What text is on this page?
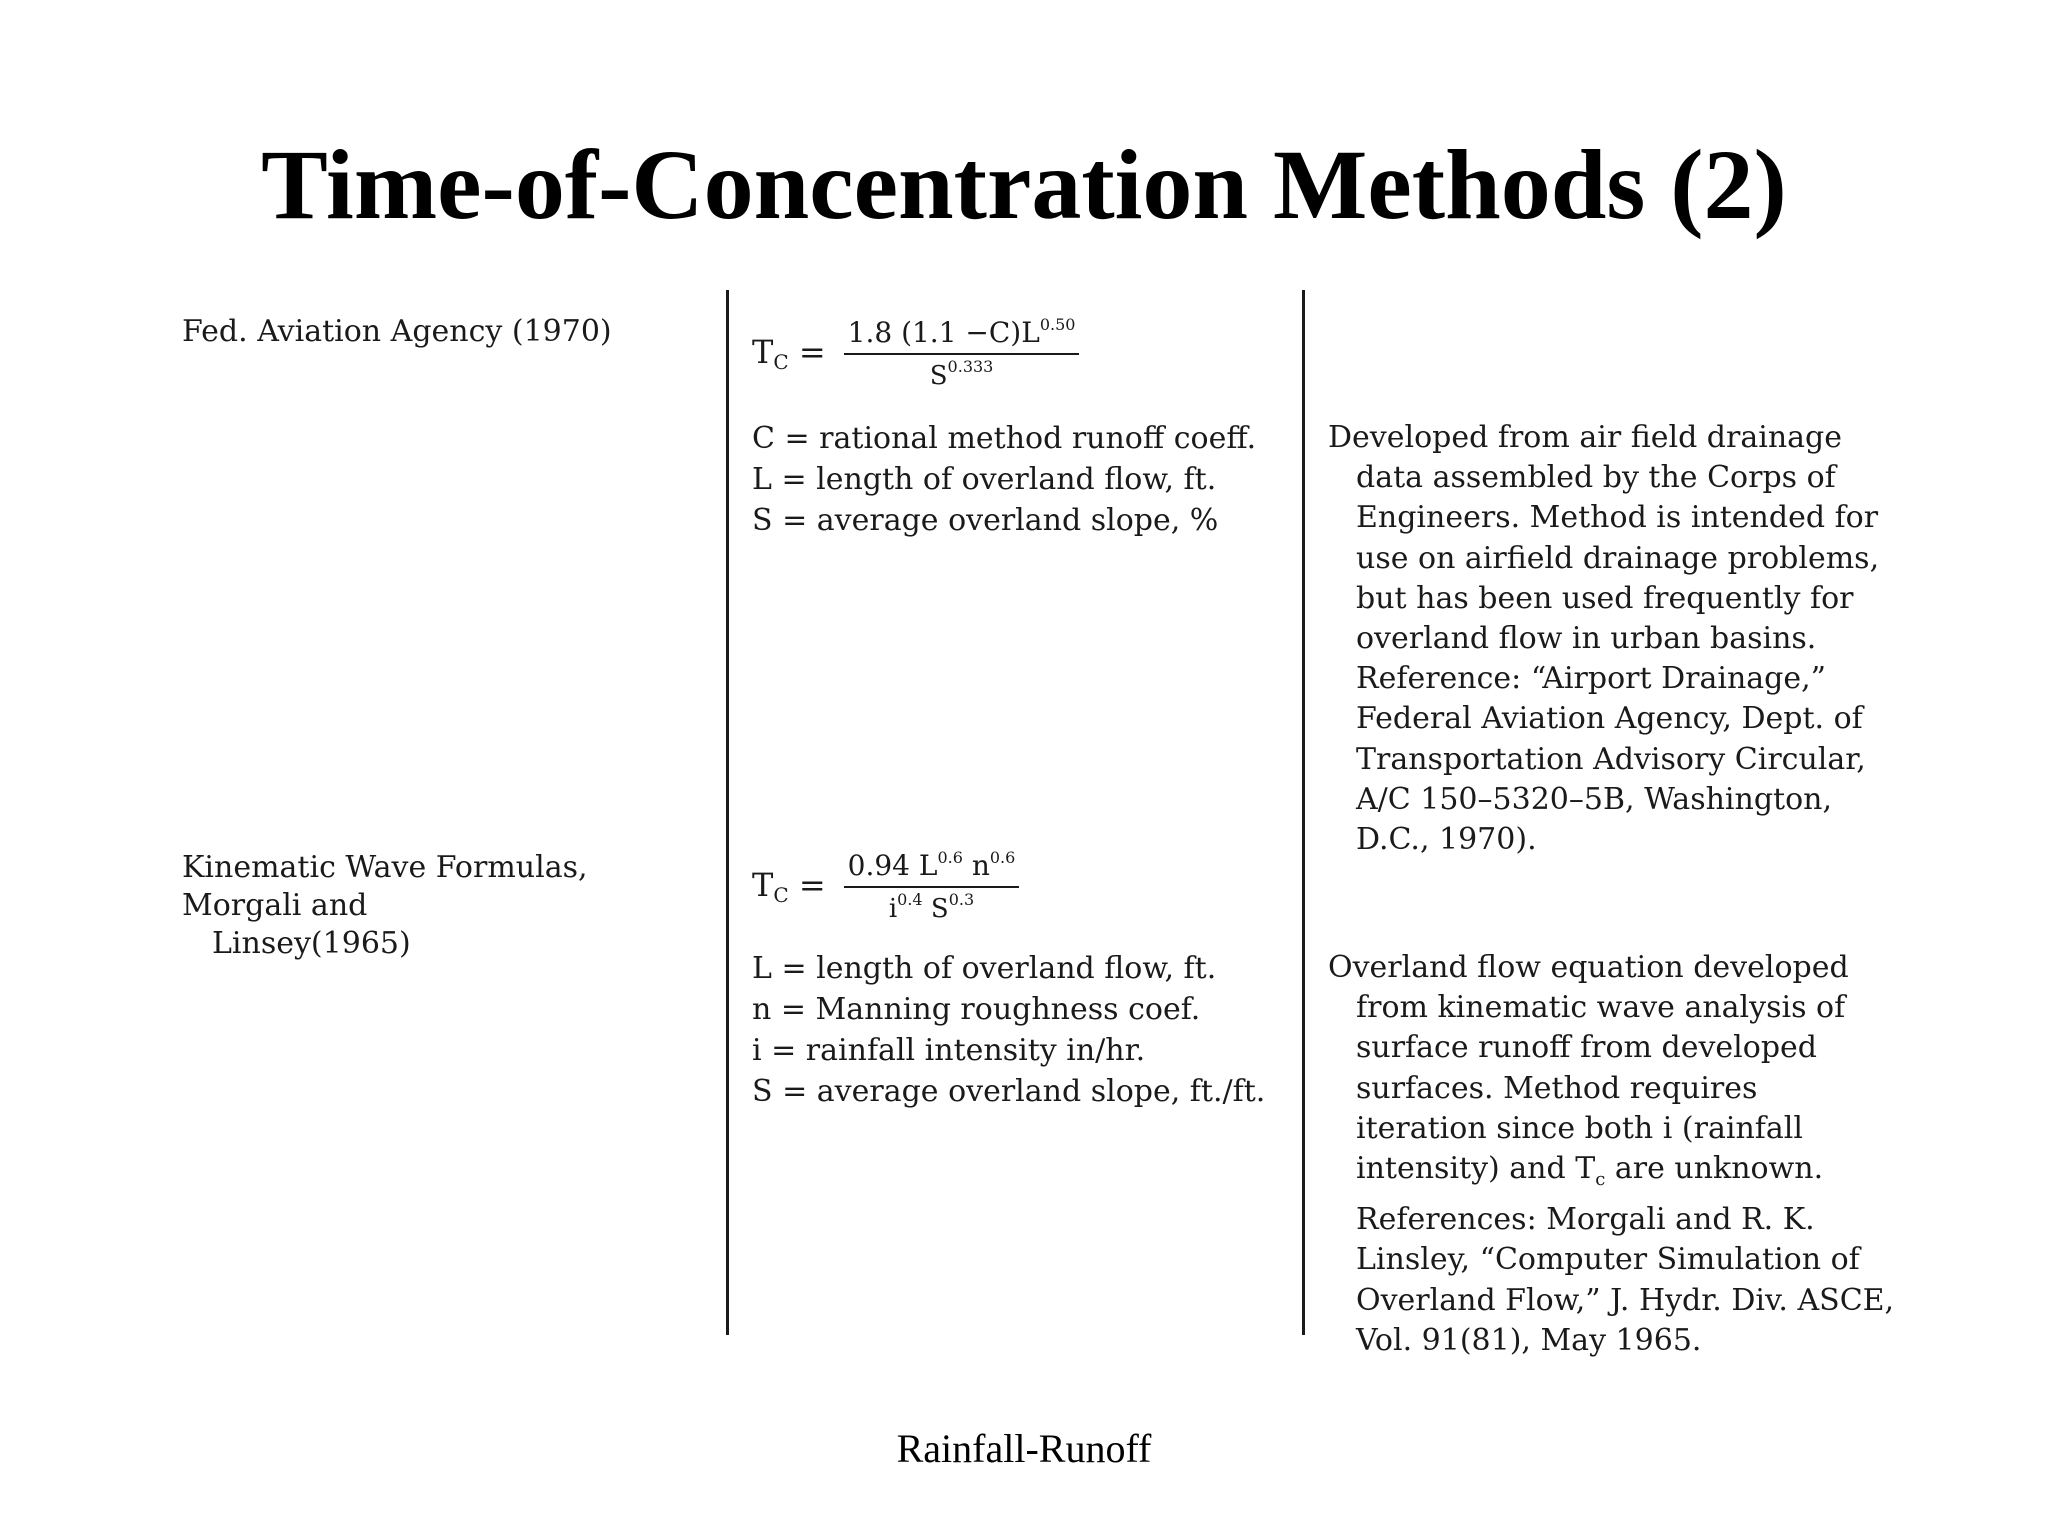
Time-of-Concentration Methods (2)
Fed. Aviation Agency (1970)
$T_C = \frac{1.8 (1.1 -C)L^{0.50}}{S^{0.333}}$
C = rational method runoff coeff.
L = length of overland flow, ft.
S = average overland slope, %

Developed from air field drainage data assembled by the Corps of Engineers. Method is intended for use on airfield drainage problems, but has been used frequently for overland flow in urban basins. Reference: “Airport Drainage,” Federal Aviation Agency, Dept. of Transportation Advisory Circular, A/C 150–5320–5B, Washington, D.C., 1970).

Kinematic Wave Formulas, Morgali and
Linsey(1965)
$T_C = \frac{0.94 L^{0.6} n^{0.6}}{i^{0.4} S^{0.3}}$
L = length of overland flow, ft.
n = Manning roughness coef.
i = rainfall intensity in/hr.
S = average overland slope, ft./ft.

Overland flow equation developed from kinematic wave analysis of surface runoff from developed surfaces. Method requires iteration since both i (rainfall intensity) and $T_c$ are unknown. References: Morgali and R. K. Linsley, “Computer Simulation of Overland Flow,” J. Hydr. Div. ASCE, Vol. 91(81), May 1965.

Rainfall-Runoff
